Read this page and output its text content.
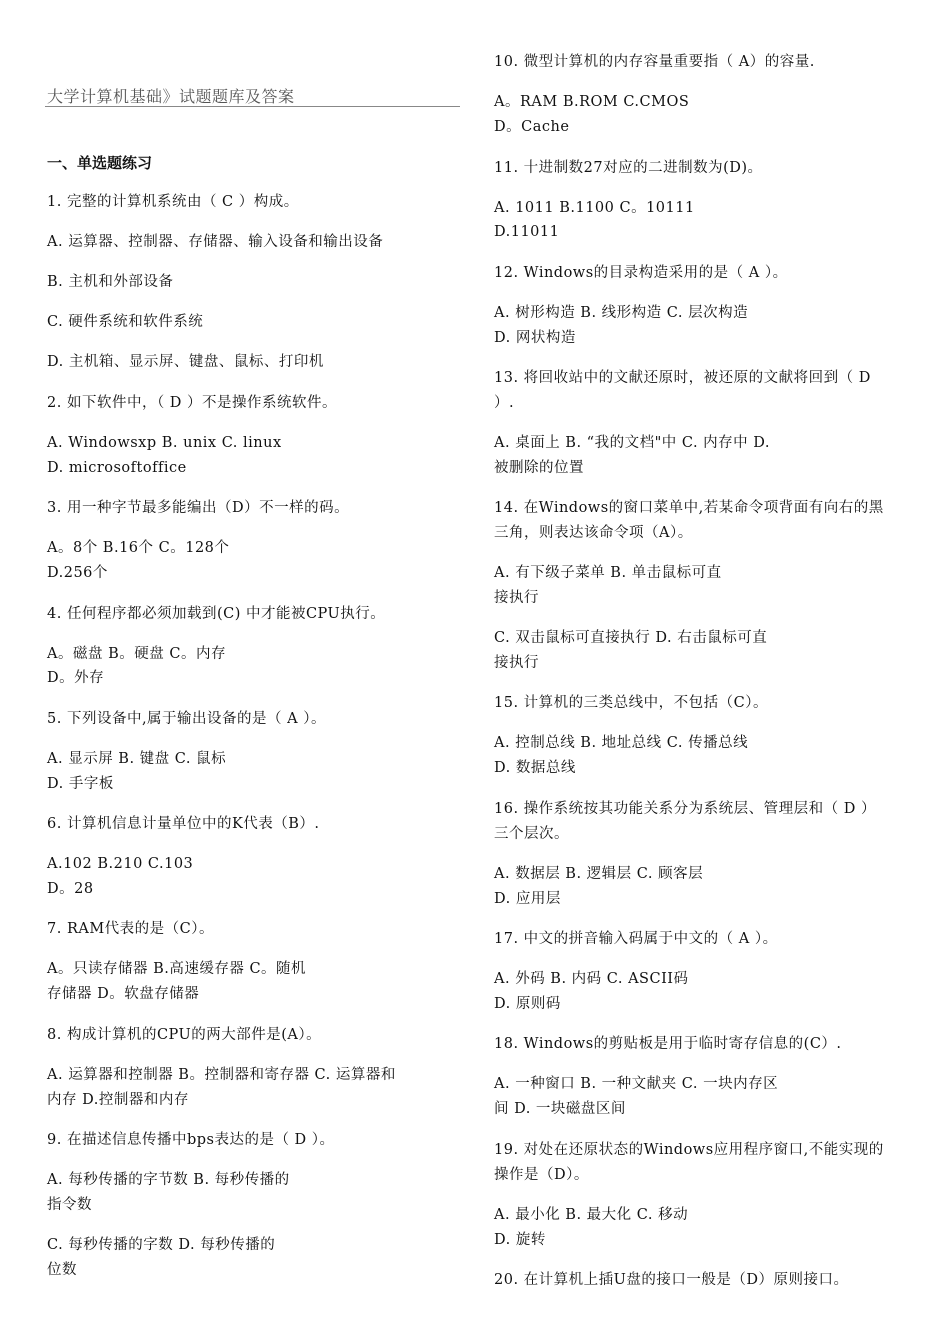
大学计算机基础》试题题库及答案
一、单选题练习
1. 完整的计算机系统由（ C ）构成。
A. 运算器、控制器、存储器、输入设备和输出设备
B. 主机和外部设备
C. 硬件系统和软件系统
D. 主机箱、显示屏、键盘、鼠标、打印机
2. 如下软件中，（ D ）不是操作系统软件。
A. Windowsxp B. unix C. linux
D. microsoftoffice
3. 用一种字节最多能编出（D）不一样的码。
A。8个 B.16个 C。128个
D.256个
4. 任何程序都必须加载到(C) 中才能被CPU执行。
A。磁盘 B。硬盘 C。内存
D。外存
5. 下列设备中,属于输出设备的是（ A ）。
A. 显示屏 B. 键盘 C. 鼠标
D. 手字板
6. 计算机信息计量单位中的K代表（B）.
A.102 B.210 C.103
D。28
7. RAM代表的是（C）。
A。只读存储器 B.高速缓存器 C。随机
存储器 D。软盘存储器
8. 构成计算机的CPU的两大部件是(A）。
A. 运算器和控制器 B。控制器和寄存器 C. 运算器和
内存 D.控制器和内存
9. 在描述信息传播中bps表达的是（ D ）。
A. 每秒传播的字节数 B. 每秒传播的
指令数
C. 每秒传播的字数 D. 每秒传播的
位数
10. 微型计算机的内存容量重要指（ A）的容量.
A。RAM B.ROM C.CMOS
D。Cache
11. 十进制数27对应的二进制数为(D)。
A. 1011 B.1100 C。10111
D.11011
12. Windows的目录构造采用的是（ A ）。
A. 树形构造 B. 线形构造 C. 层次构造
D. 网状构造
13. 将回收站中的文献还原时，被还原的文献将回到（ D
）.
A. 桌面上 B. “我的文档"中 C. 内存中 D.
被删除的位置
14. 在Windows的窗口菜单中,若某命令项背面有向右的黑
三角，则表达该命令项（A）。
A. 有下级子菜单 B. 单击鼠标可直
接执行
C. 双击鼠标可直接执行 D. 右击鼠标可直
接执行
15. 计算机的三类总线中，不包括（C）。
A. 控制总线 B. 地址总线 C. 传播总线
D. 数据总线
16. 操作系统按其功能关系分为系统层、管理层和（ D ）
三个层次。
A. 数据层 B. 逻辑层 C. 顾客层
D. 应用层
17. 中文的拼音输入码属于中文的（ A ）。
A. 外码 B. 内码 C. ASCII码
D. 原则码
18. Windows的剪贴板是用于临时寄存信息的(C）.
A. 一种窗口 B. 一种文献夹 C. 一块内存区
间 D. 一块磁盘区间
19. 对处在还原状态的Windows应用程序窗口,不能实现的
操作是（D）。
A. 最小化 B. 最大化 C. 移动
D. 旋转
20. 在计算机上插U盘的接口一般是（D）原则接口。
